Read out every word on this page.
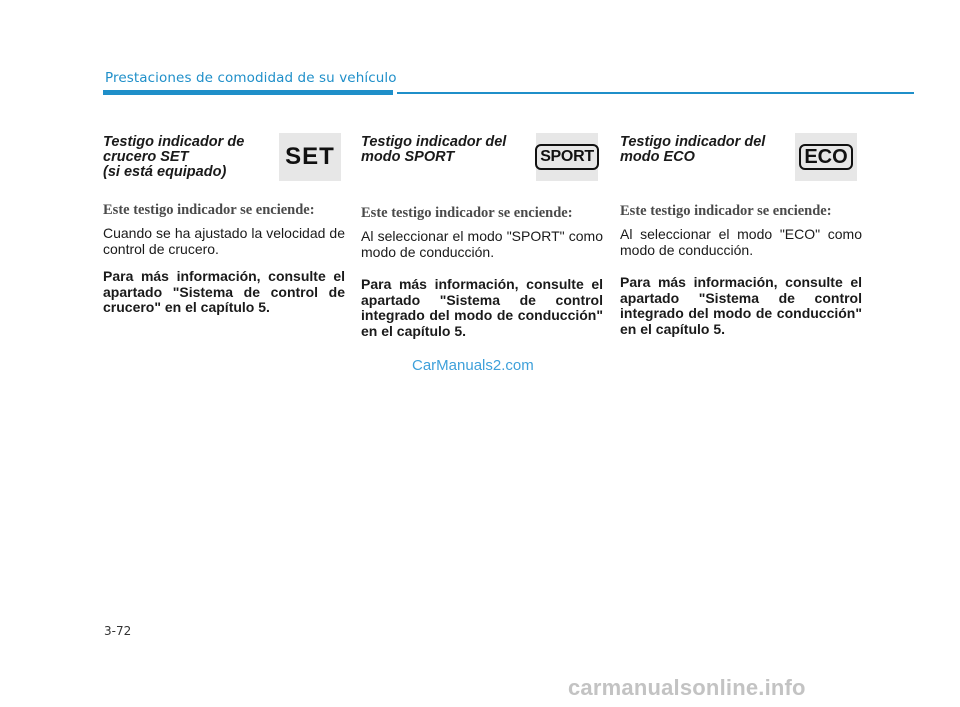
Prestaciones de comodidad de su vehículo
Testigo indicador de
crucero SET
(si está equipado)
SET

Este testigo indicador se enciende:

Cuando se ha ajustado la velocidad de control de crucero.

Para más información, consulte el apartado "Sistema de control de crucero" en el capítulo 5.

Testigo indicador del
modo SPORT	SPORT

Este testigo indicador se enciende:

Al seleccionar el modo "SPORT" como modo de conducción.

Para más información, consulte el apartado "Sistema de control integrado del modo de conducción" en el capítulo 5.

Testigo indicador del
modo ECO	ECO

Este testigo indicador se enciende:

Al seleccionar el modo "ECO" como modo de conducción.

Para más información, consulte el apartado "Sistema de control integrado del modo de conducción" en el capítulo 5.

CarManuals2.com
3-72
carmanualsonline.info
